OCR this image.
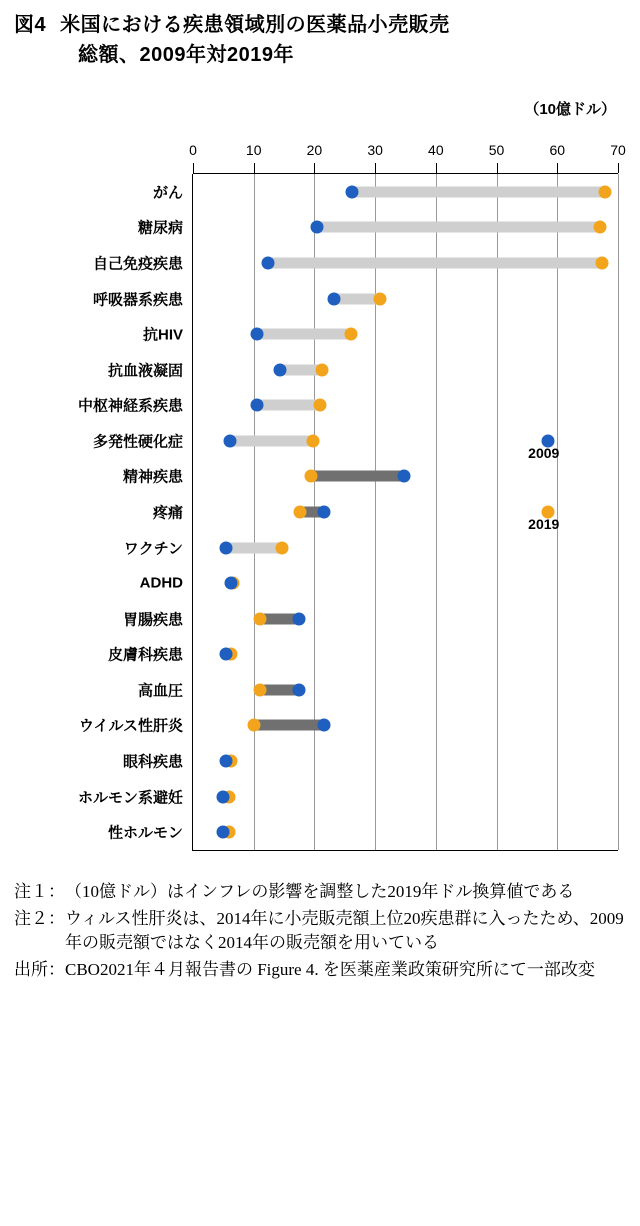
図4 米国における疾患領域別の医薬品小売販売
総額、2009年対2019年
（10億ドル）
0	10	20	30	40	50	60	70
がん
糖尿病
自己免疫疾患
呼吸器系疾患
抗HIV
抗血液凝固
中枢神経系疾患
多発性硬化症
精神疾患
疼痛
ワクチン
ADHD
胃腸疾患
皮膚科疾患
高血圧
ウイルス性肝炎
眼科疾患
ホルモン系避妊
性ホルモン
2009
2019
注１： （10億ドル）はインフレの影響を調整した2019年ドル換算値である
注２： ウィルス性肝炎は、2014年に小売販売額上位20疾患群に入ったため、2009年の販売額ではなく2014年の販売額を用いている
出所： CBO2021年４月報告書の Figure 4. を医薬産業政策研究所にて一部改変
